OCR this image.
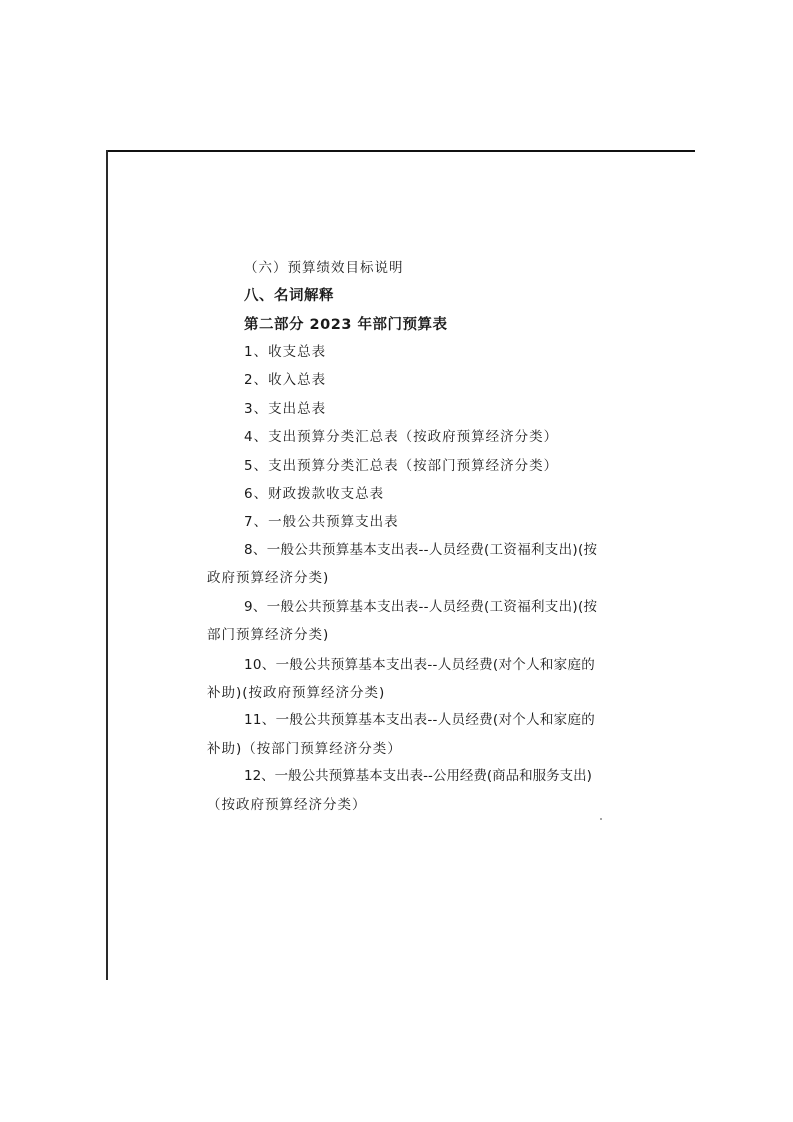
（六）预算绩效目标说明
八、名词解释
第二部分 2023 年部门预算表
1、收支总表
2、收入总表
3、支出总表
4、支出预算分类汇总表（按政府预算经济分类）
5、支出预算分类汇总表（按部门预算经济分类）
6、财政拨款收支总表
7、一般公共预算支出表
8、一般公共预算基本支出表--人员经费(工资福利支出)(按
政府预算经济分类)
9、一般公共预算基本支出表--人员经费(工资福利支出)(按
部门预算经济分类)
10、一般公共预算基本支出表--人员经费(对个人和家庭的
补助)(按政府预算经济分类)
11、一般公共预算基本支出表--人员经费(对个人和家庭的
补助)（按部门预算经济分类）
12、一般公共预算基本支出表--公用经费(商品和服务支出)
（按政府预算经济分类）
